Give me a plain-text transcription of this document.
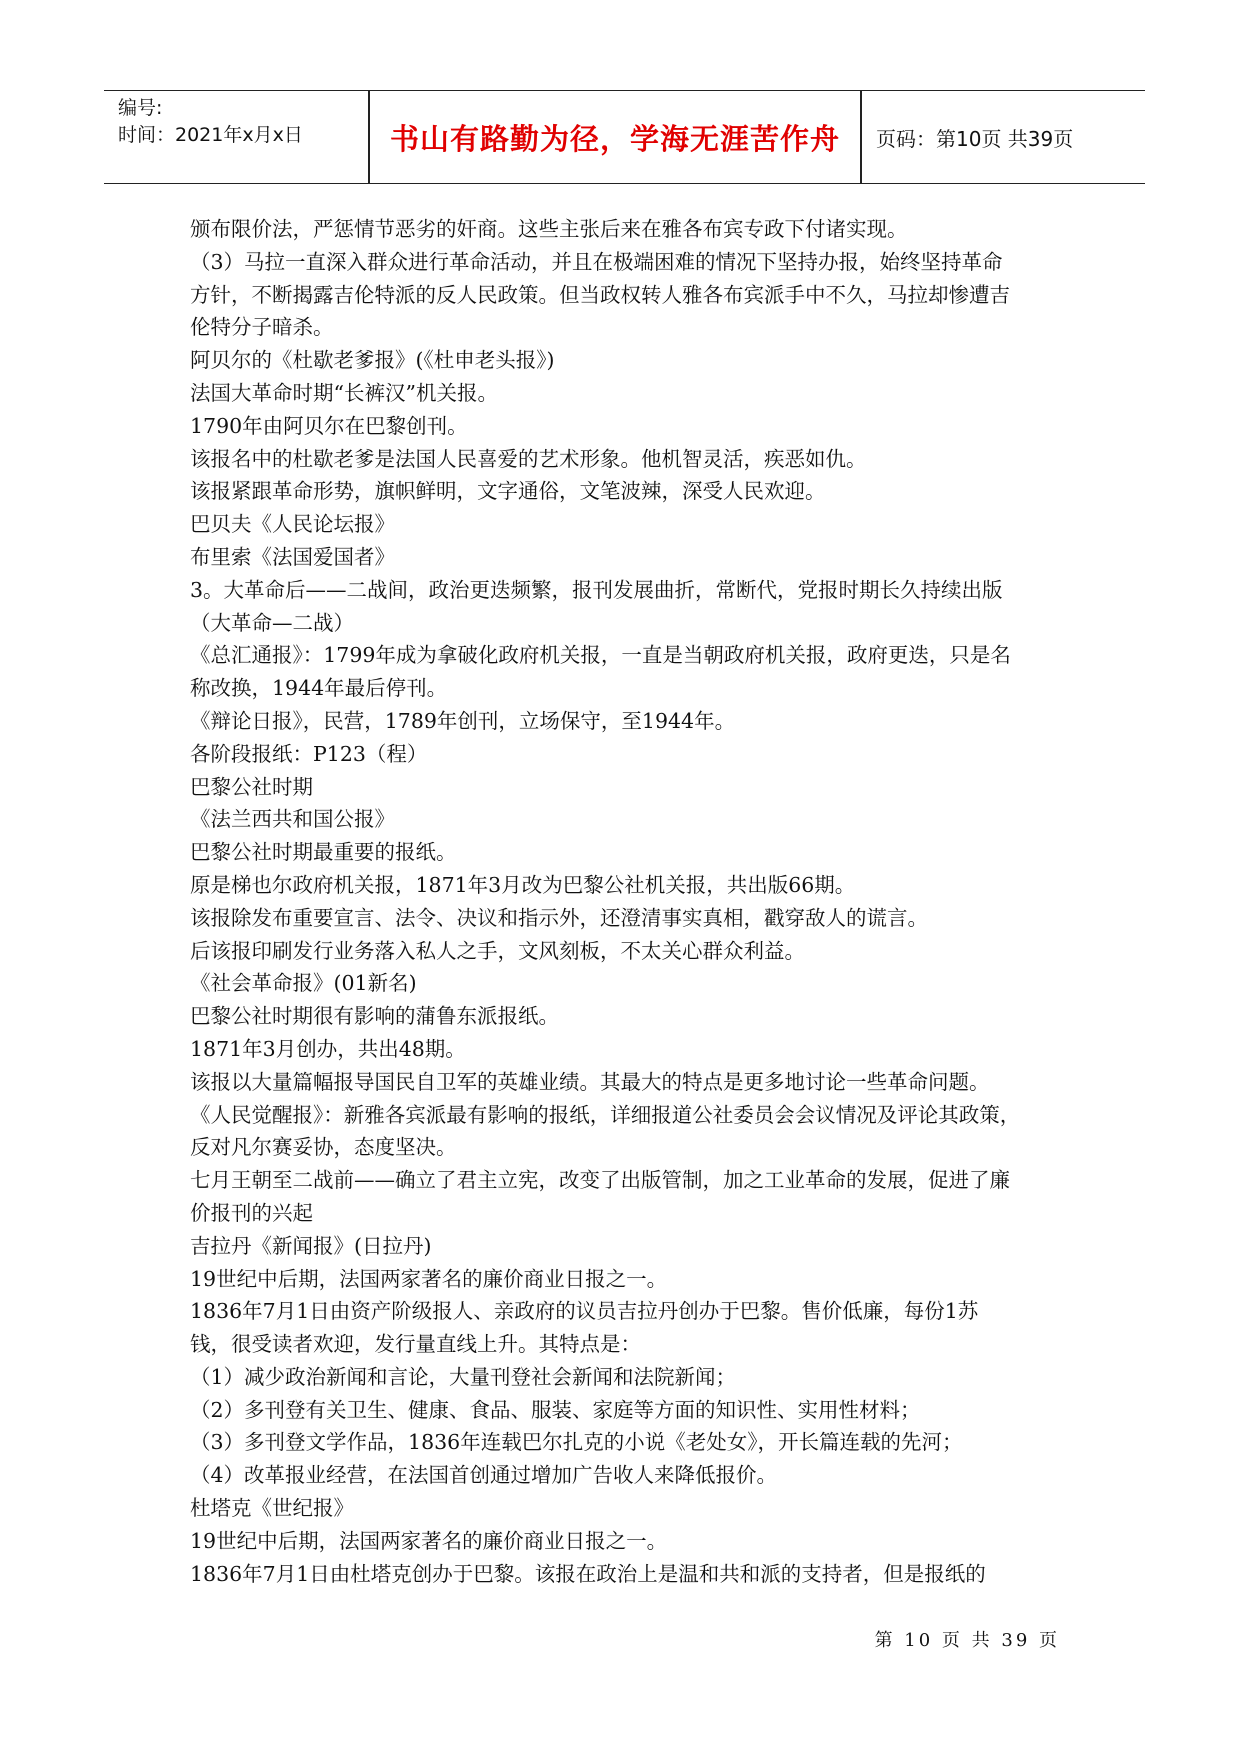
编号:
时间：2021年x月x日	书山有路勤为径，学海无涯苦作舟	页码：第10页 共39页
颁布限价法，严惩情节恶劣的奸商。这些主张后来在雅各布宾专政下付诸实现。
（3）马拉一直深入群众进行革命活动，并且在极端困难的情况下坚持办报，始终坚持革命
方针，不断揭露吉伦特派的反人民政策。但当政权转人雅各布宾派手中不久，马拉却惨遭吉
伦特分子暗杀。
阿贝尔的《杜歇老爹报》(《杜申老头报》)
法国大革命时期“长裤汉”机关报。
1790年由阿贝尔在巴黎创刊。
该报名中的杜歇老爹是法国人民喜爱的艺术形象。他机智灵活，疾恶如仇。
该报紧跟革命形势，旗帜鲜明，文字通俗，文笔波辣，深受人民欢迎。
巴贝夫《人民论坛报》
布里索《法国爱国者》
3。大革命后——二战间，政治更迭频繁，报刊发展曲折，常断代，党报时期长久持续出版
（大革命—二战）
《总汇通报》：1799年成为拿破化政府机关报，一直是当朝政府机关报，政府更迭，只是名
称改换，1944年最后停刊。
《辩论日报》，民营，1789年创刊，立场保守，至1944年。
各阶段报纸：P123（程）
巴黎公社时期
《法兰西共和国公报》
巴黎公社时期最重要的报纸。
原是梯也尔政府机关报，1871年3月改为巴黎公社机关报，共出版66期。
该报除发布重要宣言、法令、决议和指示外，还澄清事实真相，戳穿敌人的谎言。
后该报印刷发行业务落入私人之手，文风刻板，不太关心群众利益。
《社会革命报》(01新名)
巴黎公社时期很有影响的蒲鲁东派报纸。
1871年3月创办，共出48期。
该报以大量篇幅报导国民自卫军的英雄业绩。其最大的特点是更多地讨论一些革命问题。
《人民觉醒报》：新雅各宾派最有影响的报纸，详细报道公社委员会会议情况及评论其政策，
反对凡尔赛妥协，态度坚决。
七月王朝至二战前——确立了君主立宪，改变了出版管制，加之工业革命的发展，促进了廉
价报刊的兴起
吉拉丹《新闻报》(日拉丹)
19世纪中后期，法国两家著名的廉价商业日报之一。
1836年7月1日由资产阶级报人、亲政府的议员吉拉丹创办于巴黎。售价低廉，每份1苏
钱，很受读者欢迎，发行量直线上升。其特点是：
（1）减少政治新闻和言论，大量刊登社会新闻和法院新闻；
（2）多刊登有关卫生、健康、食品、服装、家庭等方面的知识性、实用性材料；
（3）多刊登文学作品，1836年连载巴尔扎克的小说《老处女》，开长篇连载的先河；
（4）改革报业经营，在法国首创通过增加广告收人来降低报价。
杜塔克《世纪报》
19世纪中后期，法国两家著名的廉价商业日报之一。
1836年7月1日由杜塔克创办于巴黎。该报在政治上是温和共和派的支持者，但是报纸的
第 10 页 共 39 页
